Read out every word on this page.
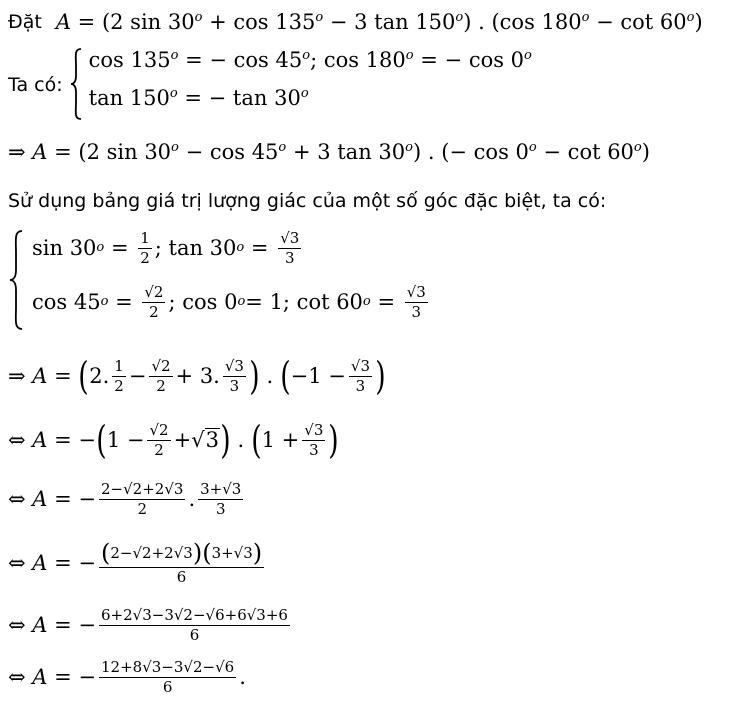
Đặt A = (2 $\sin 30^o + \cos 135^o - 3$ tan 150$^o$) . (cos $180^o - \cot 60^o$)
Ta có:
$\cos 135^o$ = − cos 45$^o$; $\cos 180^o$ = − cos 0$^o$
$\tan 150^o$ = − tan 30$^o$
⇒ A = (2 $\sin 30^o - \cos 45^o + 3$ tan 30$^o$) . (− $\cos 0^o - \cot 60^o$)
Sử dụng bảng giá trị lượng giác của một số góc đặc biệt, ta có:
sin 30 $o = \frac{1}{2}$ ; tan 30 $o = \frac{√3}{3}$
cos 45 $o = \frac{√2}{2}$ ; cos 0 o = 1; cot 60 $o = \frac{√3}{3}$
⇒ A = ( 2. $\frac{1}{2} - \frac{√2}{2} + 3$. $\frac{√3}{3}$ ) . ( $-1 - \frac{√3}{3}$ )
⇔ A = − ( $1 - \frac{√2}{2}$ + √ 3 ) . ( $1 + \frac{√3}{3}$ )
⇔ A = − $\frac{2-√2+2√3}{2}$ . $\frac{3+√3}{3}$
⇔ A = − $\frac{( 2-√2+2√3 ) ( 3+√3 )}{6}$
⇔ A = − $\frac{6+2√3-3√2-√6+6√3+6}{6}$
⇔ A = − $\frac{12+8√3-3√2-√6}{6}$ .
